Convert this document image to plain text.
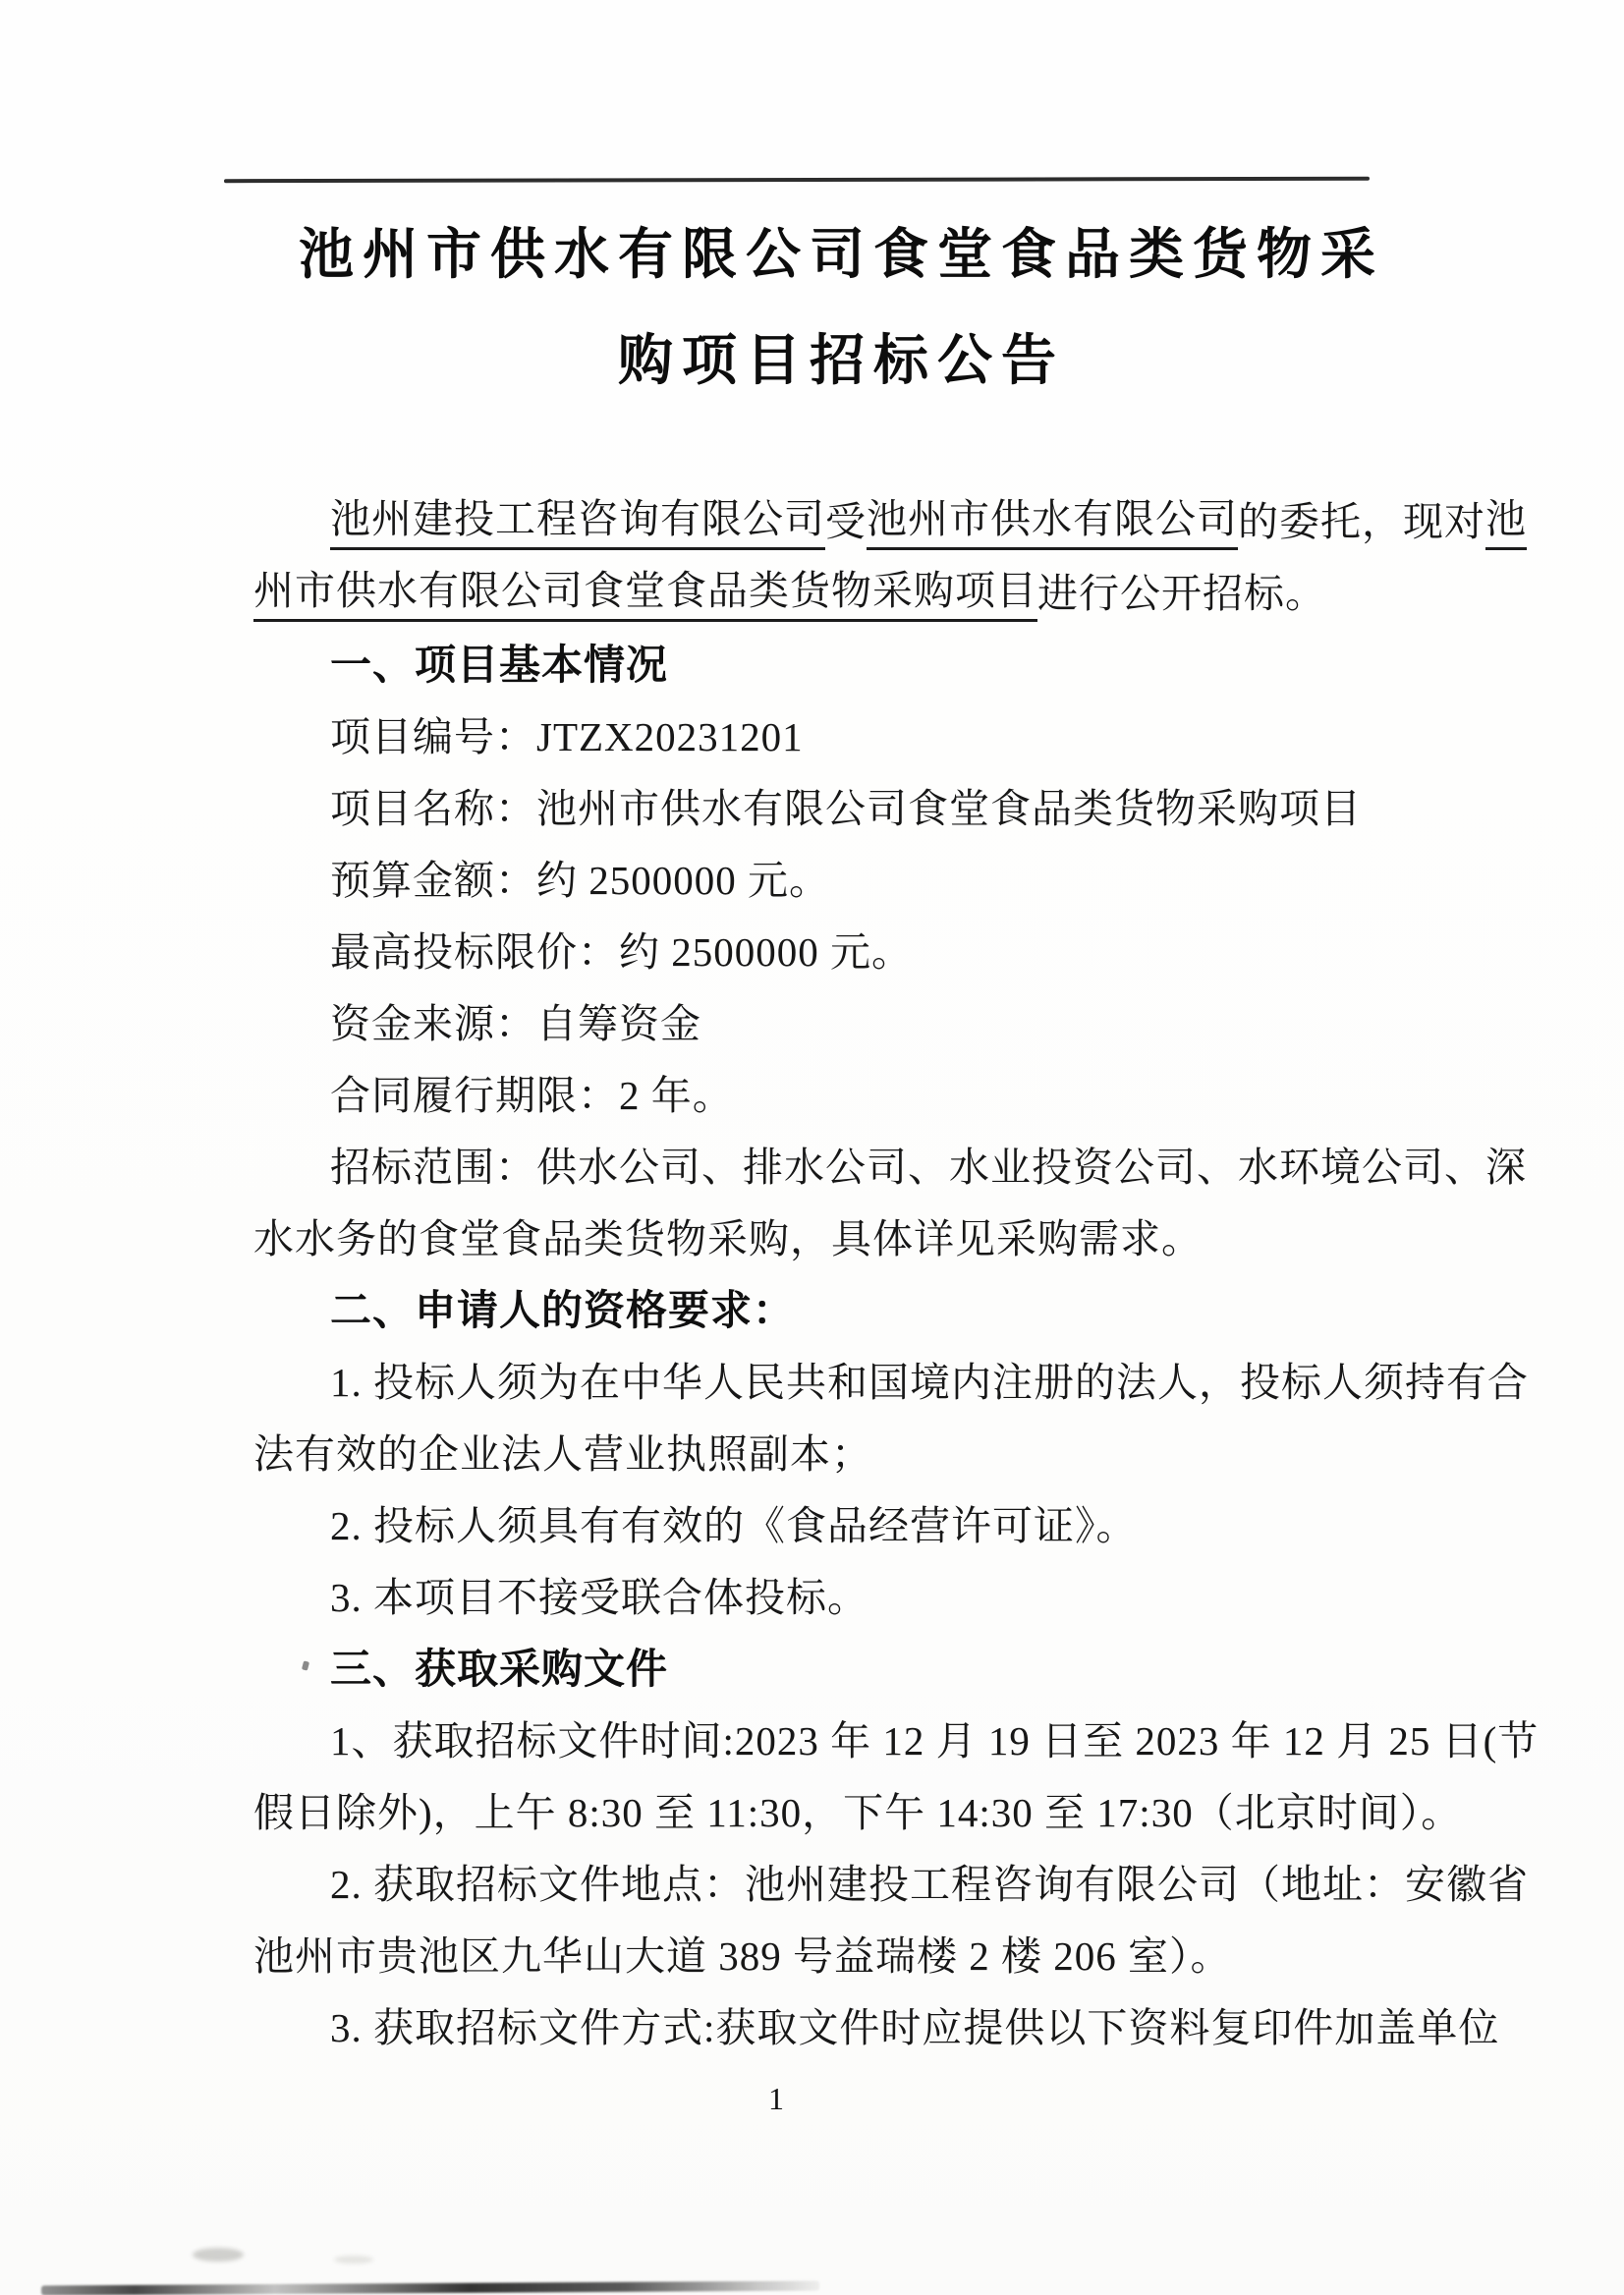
池州市供水有限公司食堂食品类货物采
购项目招标公告
池州建投工程咨询有限公司 受 池州市供水有限公司 的委托，现对 池
州市供水有限公司食堂食品类货物采购项目 进行公开招标。
一、项目基本情况
项目编号：JTZX20231201
项目名称：池州市供水有限公司食堂食品类货物采购项目
预算金额：约 2500000 元。
最高投标限价：约 2500000 元。
资金来源：自筹资金
合同履行期限：2 年。
招标范围：供水公司、排水公司、水业投资公司、水环境公司、深
水水务的食堂食品类货物采购，具体详见采购需求。
二、申请人的资格要求：
1. 投标人须为在中华人民共和国境内注册的法人，投标人须持有合
法有效的企业法人营业执照副本；
2. 投标人须具有有效的《食品经营许可证》。
3. 本项目不接受联合体投标。
三、获取采购文件
1、获取招标文件时间:2023 年 12 月 19 日至 2023 年 12 月 25 日(节
假日除外)，上午 8:30 至 11:30，下午 14:30 至 17:30（北京时间）。
2. 获取招标文件地点：池州建投工程咨询有限公司（地址：安徽省
池州市贵池区九华山大道 389 号益瑞楼 2 楼 206 室）。
3. 获取招标文件方式:获取文件时应提供以下资料复印件加盖单位
1
